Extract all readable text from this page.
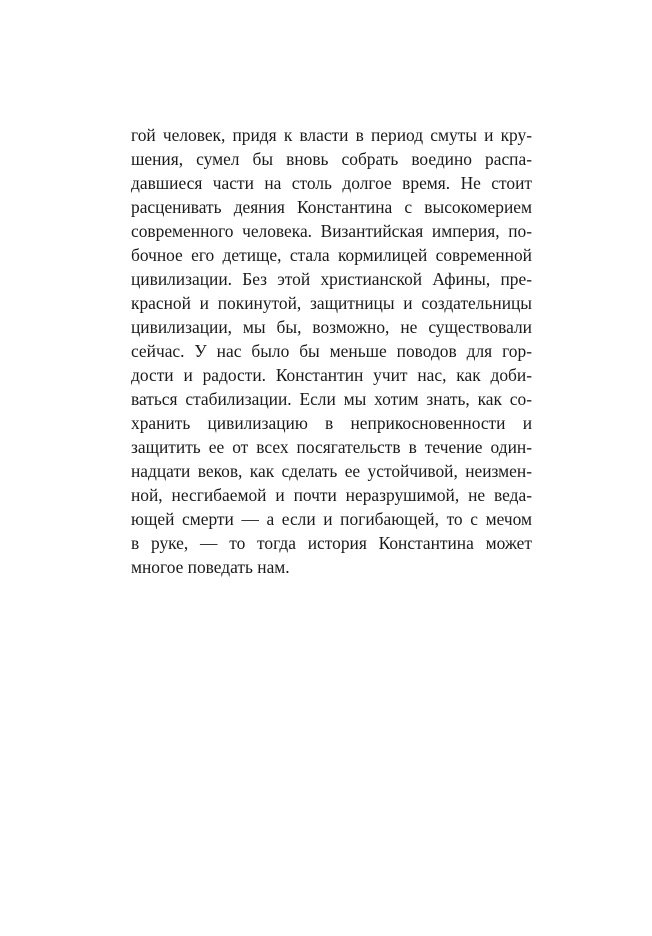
гой человек, придя к власти в период смуты и кру-
шения, сумел бы вновь собрать воедино распа-
давшиеся части на столь долгое время. Не стоит
расценивать деяния Константина с высокомерием
современного человека. Византийская империя, по-
бочное его детище, стала кормилицей современной
цивилизации. Без этой христианской Афины, пре-
красной и покинутой, защитницы и создательницы
цивилизации, мы бы, возможно, не существовали
сейчас. У нас было бы меньше поводов для гор-
дости и радости. Константин учит нас, как доби-
ваться стабилизации. Если мы хотим знать, как со-
хранить цивилизацию в неприкосновенности и
защитить ее от всех посягательств в течение один-
надцати веков, как сделать ее устойчивой, неизмен-
ной, несгибаемой и почти неразрушимой, не веда-
ющей смерти — а если и погибающей, то с мечом
в руке, — то тогда история Константина может
многое поведать нам.
